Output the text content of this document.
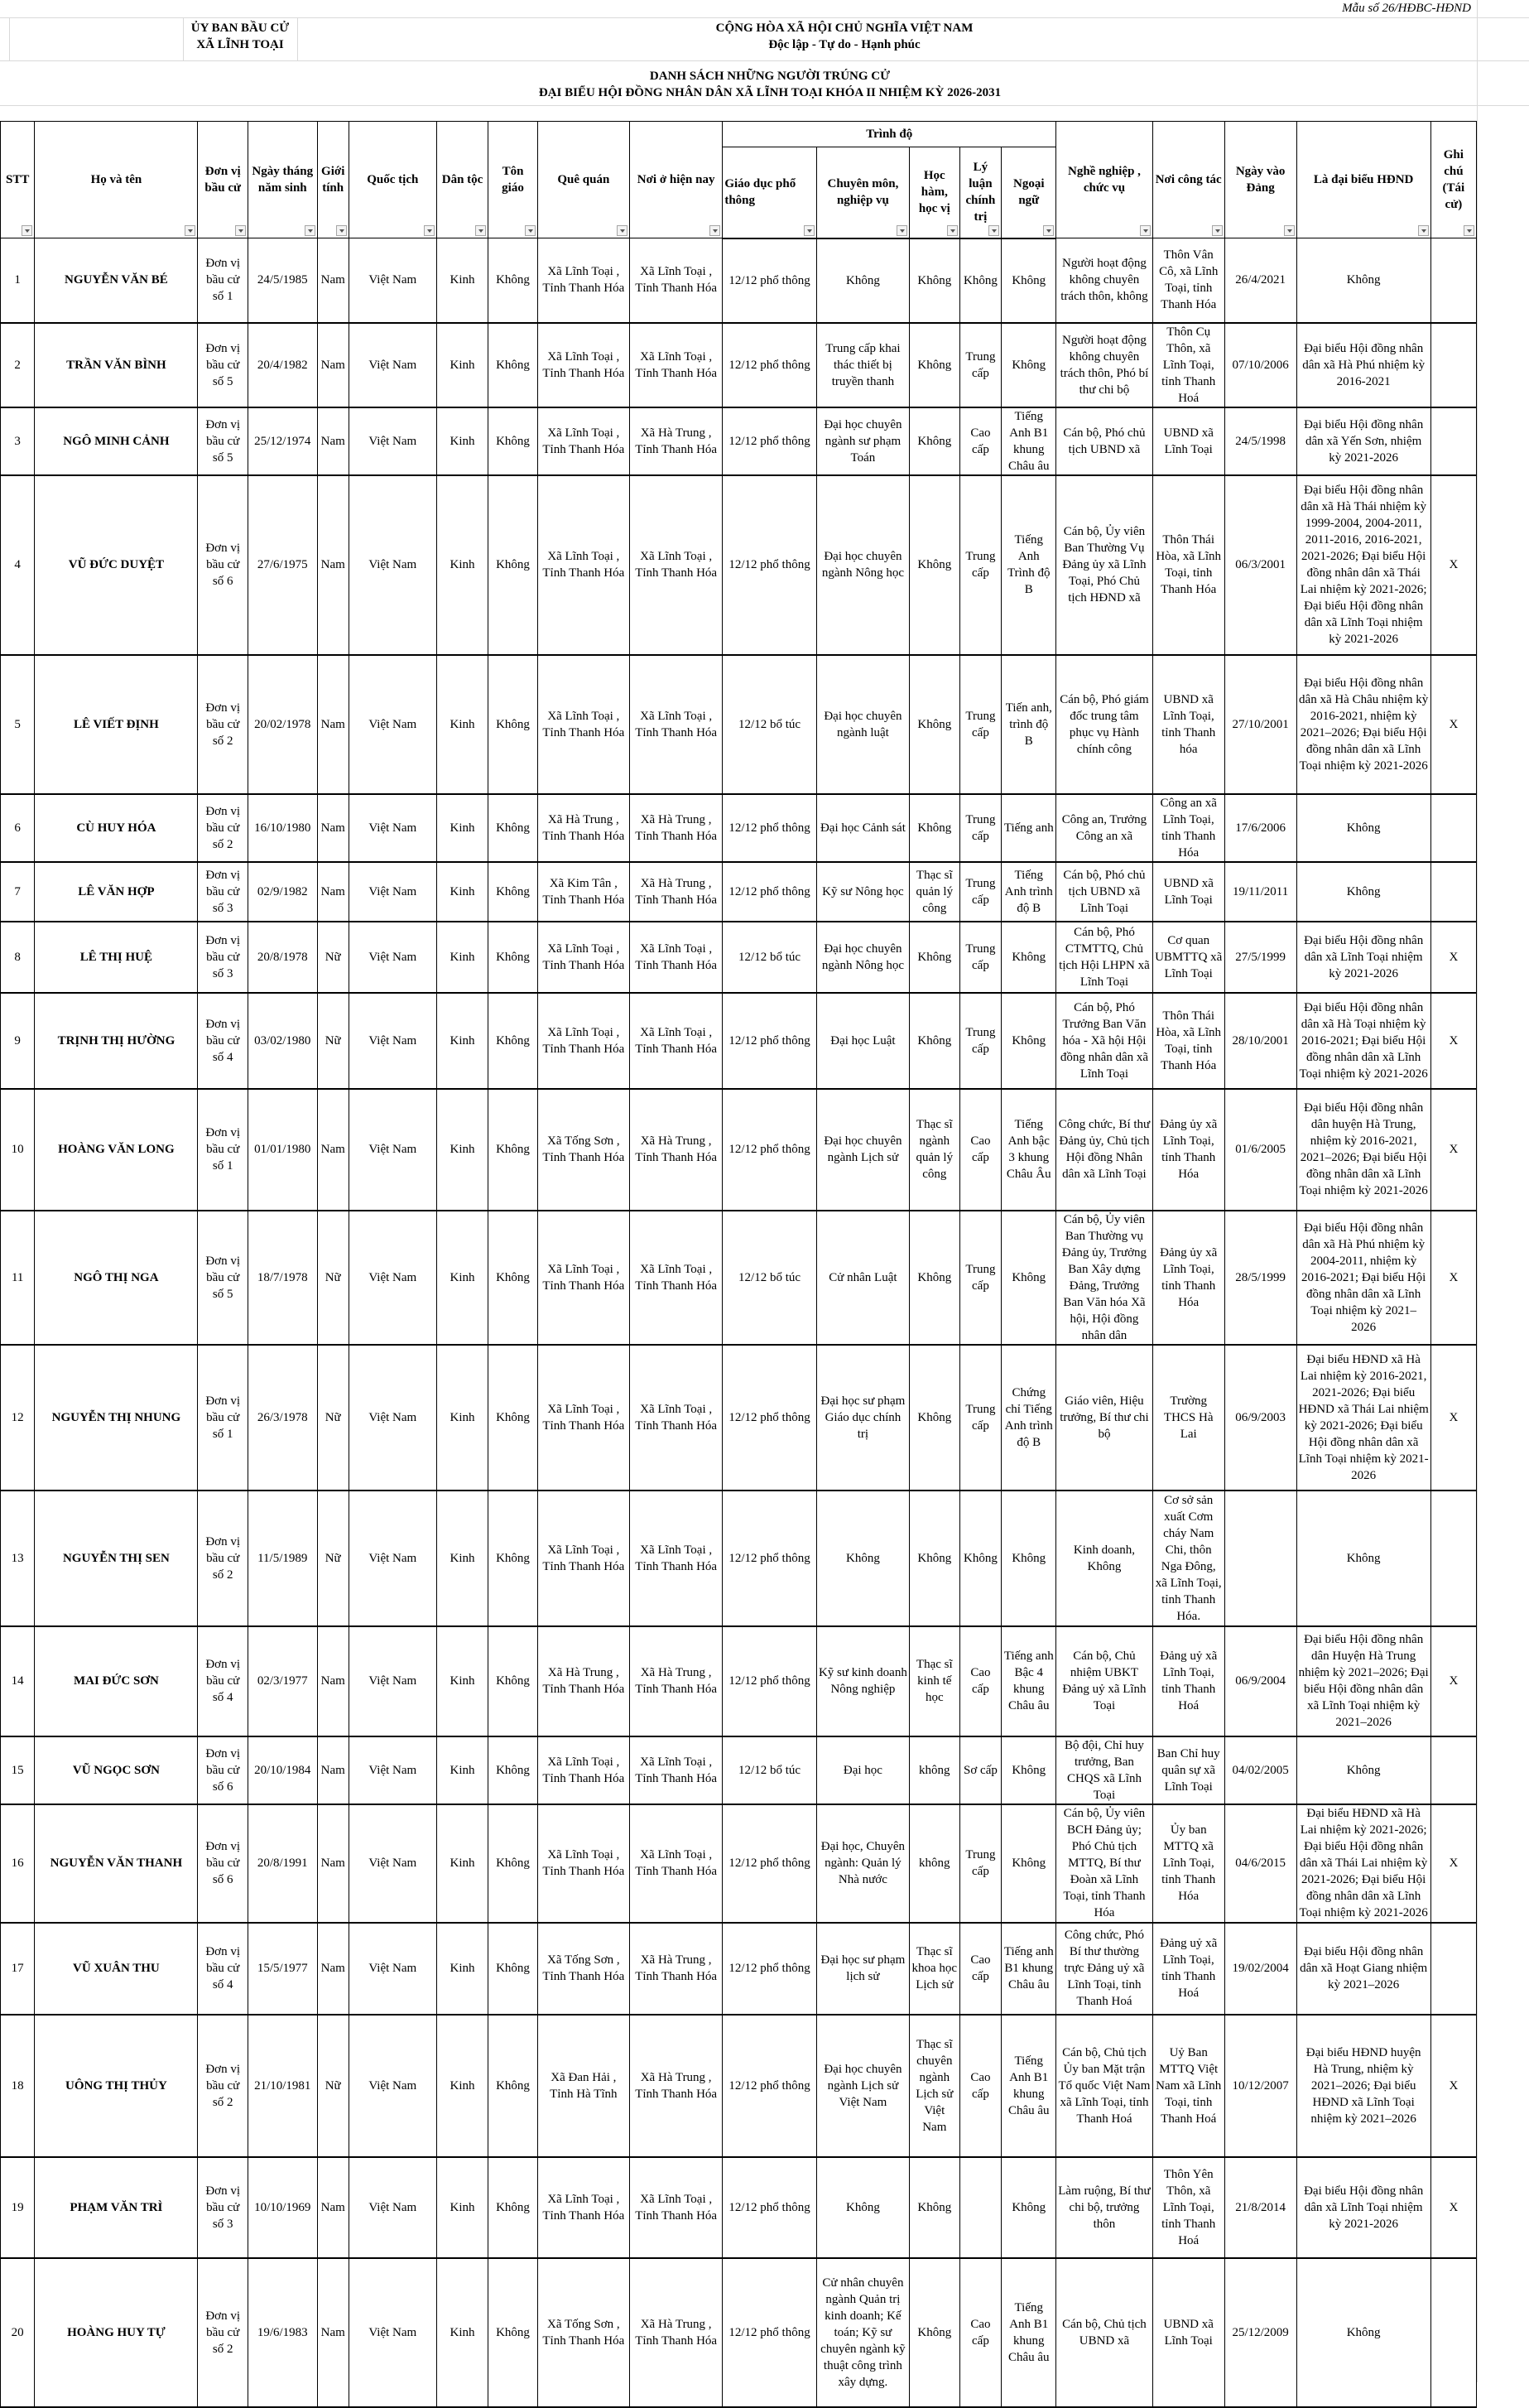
Mẫu số 26/HĐBC-HĐND
ỦY BAN BẦU CỬ
XÃ LĨNH TOẠI
CỘNG HÒA XÃ HỘI CHỦ NGHĨA VIỆT NAM
Độc lập - Tự do - Hạnh phúc
DANH SÁCH NHỮNG NGƯỜI TRÚNG CỬ
ĐẠI BIỂU HỘI ĐỒNG NHÂN DÂN XÃ LĨNH TOẠI KHÓA II NHIỆM KỲ 2026-2031
STT	Họ và tên	Đơn vị bầu cử	Ngày tháng năm sinh	Giới tính	Quốc tịch	Dân tộc	Tôn giáo	Quê quán	Nơi ở hiện nay	Trình độ					Nghề nghiệp , chức vụ	Nơi công tác	Ngày vào Đảng	Là đại biểu HĐND	Ghi chú (Tái cử)

										Giáo dục phổ thông	Chuyên môn, nghiệp vụ	Học hàm, học vị	Lý luận chính trị	Ngoại ngữ					

1	NGUYỄN VĂN BÉ	Đơn vị bầu cử số 1	24/5/1985	Nam	Việt Nam	Kinh	Không	Xã Lĩnh Toại , Tỉnh Thanh Hóa	Xã Lĩnh Toại , Tỉnh Thanh Hóa	12/12 phổ thông	Không	Không	Không	Không	Người hoạt động không chuyên trách thôn, không	Thôn Vân Cô, xã Lĩnh Toại, tỉnh Thanh Hóa	26/4/2021	Không	
2	TRẦN VĂN BÌNH	Đơn vị bầu cử số 5	20/4/1982	Nam	Việt Nam	Kinh	Không	Xã Lĩnh Toại , Tỉnh Thanh Hóa	Xã Lĩnh Toại , Tỉnh Thanh Hóa	12/12 phổ thông	Trung cấp khai thác thiết bị truyền thanh	Không	Trung cấp	Không	Người hoạt động không chuyên trách thôn, Phó bí thư chi bộ	Thôn Cụ Thôn, xã Lĩnh Toại, tỉnh Thanh Hoá	07/10/2006	Đại biểu Hội đồng nhân dân xã Hà Phú nhiệm kỳ 2016-2021	
3	NGÔ MINH CẢNH	Đơn vị bầu cử số 5	25/12/1974	Nam	Việt Nam	Kinh	Không	Xã Lĩnh Toại , Tỉnh Thanh Hóa	Xã Hà Trung , Tỉnh Thanh Hóa	12/12 phổ thông	Đại học chuyên ngành sư phạm Toán	Không	Cao cấp	Tiếng Anh B1 khung Châu âu	Cán bộ, Phó chủ tịch UBND xã	UBND xã Lĩnh Toại	24/5/1998	Đại biểu Hội đồng nhân dân xã Yến Sơn, nhiệm kỳ 2021-2026	
4	VŨ ĐỨC DUYỆT	Đơn vị bầu cử số 6	27/6/1975	Nam	Việt Nam	Kinh	Không	Xã Lĩnh Toại , Tỉnh Thanh Hóa	Xã Lĩnh Toại , Tỉnh Thanh Hóa	12/12 phổ thông	Đại học chuyên ngành Nông học	Không	Trung cấp	Tiếng Anh Trình độ B	Cán bộ, Ủy viên Ban Thường Vụ Đảng ủy xã Lĩnh Toại, Phó Chủ tịch HĐND xã	Thôn Thái Hòa, xã Lĩnh Toại, tỉnh Thanh Hóa	06/3/2001	Đại biểu Hội đồng nhân dân xã Hà Thái nhiệm kỳ 1999-2004, 2004-2011, 2011-2016, 2016-2021, 2021-2026; Đại biểu Hội đồng nhân dân xã Thái Lai nhiệm kỳ 2021-2026; Đại biểu Hội đồng nhân dân xã Lĩnh Toại nhiệm kỳ 2021-2026	X
5	LÊ VIẾT ĐỊNH	Đơn vị bầu cử số 2	20/02/1978	Nam	Việt Nam	Kinh	Không	Xã Lĩnh Toại , Tỉnh Thanh Hóa	Xã Lĩnh Toại , Tỉnh Thanh Hóa	12/12 bổ túc	Đại học chuyên ngành luật	Không	Trung cấp	Tiến anh, trình độ B	Cán bộ, Phó giám đốc trung tâm phục vụ Hành chính công	UBND xã Lĩnh Toại, tỉnh Thanh hóa	27/10/2001	Đại biểu Hội đồng nhân dân xã Hà Châu nhiệm kỳ 2016-2021, nhiệm kỳ 2021–2026; Đại biểu Hội đồng nhân dân xã Lĩnh Toại nhiệm kỳ 2021-2026	X
6	CÙ HUY HÓA	Đơn vị bầu cử số 2	16/10/1980	Nam	Việt Nam	Kinh	Không	Xã Hà Trung , Tỉnh Thanh Hóa	Xã Hà Trung , Tỉnh Thanh Hóa	12/12 phổ thông	Đại học Cảnh sát	Không	Trung cấp	Tiếng anh	Công an, Trưởng Công an xã	Công an xã Lĩnh Toại, tỉnh Thanh Hóa	17/6/2006	Không	
7	LÊ VĂN HỢP	Đơn vị bầu cử số 3	02/9/1982	Nam	Việt Nam	Kinh	Không	Xã Kim Tân , Tỉnh Thanh Hóa	Xã Hà Trung , Tỉnh Thanh Hóa	12/12 phổ thông	Kỹ sư Nông học	Thạc sĩ quản lý công	Trung cấp	Tiếng Anh trình độ B	Cán bộ, Phó chủ tịch UBND xã Lĩnh Toại	UBND xã Lĩnh Toại	19/11/2011	Không	
8	LÊ THỊ HUỆ	Đơn vị bầu cử số 3	20/8/1978	Nữ	Việt Nam	Kinh	Không	Xã Lĩnh Toại , Tỉnh Thanh Hóa	Xã Lĩnh Toại , Tỉnh Thanh Hóa	12/12 bổ túc	Đại học chuyên ngành Nông học	Không	Trung cấp	Không	Cán bộ, Phó CTMTTQ, Chủ tịch Hội LHPN xã Lĩnh Toại	Cơ quan UBMTTQ xã Lĩnh Toại	27/5/1999	Đại biểu Hội đồng nhân dân xã Lĩnh Toại nhiệm kỳ 2021-2026	X
9	TRỊNH THỊ HƯỜNG	Đơn vị bầu cử số 4	03/02/1980	Nữ	Việt Nam	Kinh	Không	Xã Lĩnh Toại , Tỉnh Thanh Hóa	Xã Lĩnh Toại , Tỉnh Thanh Hóa	12/12 phổ thông	Đại học Luật	Không	Trung cấp	Không	Cán bộ, Phó Trưởng Ban Văn hóa - Xã hội Hội đồng nhân dân xã Lĩnh Toại	Thôn Thái Hòa, xã Lĩnh Toại, tỉnh Thanh Hóa	28/10/2001	Đại biểu Hội đồng nhân dân xã Hà Toại nhiệm kỳ 2016-2021; Đại biểu Hội đồng nhân dân xã Lĩnh Toại nhiệm kỳ 2021-2026	X
10	HOÀNG VĂN LONG	Đơn vị bầu cử số 1	01/01/1980	Nam	Việt Nam	Kinh	Không	Xã Tống Sơn , Tỉnh Thanh Hóa	Xã Hà Trung , Tỉnh Thanh Hóa	12/12 phổ thông	Đại học chuyên ngành Lịch sử	Thạc sĩ ngành quản lý công	Cao cấp	Tiếng Anh bậc 3 khung Châu Âu	Công chức, Bí thư Đảng ủy, Chủ tịch Hội đồng Nhân dân xã Lĩnh Toại	Đảng ủy xã Lĩnh Toại, tỉnh Thanh Hóa	01/6/2005	Đại biểu Hội đồng nhân dân huyện Hà Trung, nhiệm kỳ 2016-2021, 2021–2026; Đại biểu Hội đồng nhân dân xã Lĩnh Toại nhiệm kỳ 2021-2026	X
11	NGÔ THỊ NGA	Đơn vị bầu cử số 5	18/7/1978	Nữ	Việt Nam	Kinh	Không	Xã Lĩnh Toại , Tỉnh Thanh Hóa	Xã Lĩnh Toại , Tỉnh Thanh Hóa	12/12 bổ túc	Cử nhân Luật	Không	Trung cấp	Không	Cán bộ, Ủy viên Ban Thường vụ Đảng ủy, Trưởng Ban Xây dựng Đảng, Trưởng Ban Văn hóa Xã hội, Hội đồng nhân dân	Đảng ủy xã Lĩnh Toại, tỉnh Thanh Hóa	28/5/1999	Đại biểu Hội đồng nhân dân xã Hà Phú nhiệm kỳ 2004-2011, nhiệm kỳ 2016-2021; Đại biểu Hội đồng nhân dân xã Lĩnh Toại nhiệm kỳ 2021–2026	X
12	NGUYỄN THỊ NHUNG	Đơn vị bầu cử số 1	26/3/1978	Nữ	Việt Nam	Kinh	Không	Xã Lĩnh Toại , Tỉnh Thanh Hóa	Xã Lĩnh Toại , Tỉnh Thanh Hóa	12/12 phổ thông	Đại học sư phạm Giáo dục chính trị	Không	Trung cấp	Chứng chỉ Tiếng Anh trình độ B	Giáo viên, Hiệu trưởng, Bí thư chi bộ	Trường THCS Hà Lai	06/9/2003	Đại biểu HĐND xã Hà Lai nhiệm kỳ 2016-2021, 2021-2026; Đại biểu HĐND xã Thái Lai nhiệm kỳ 2021-2026; Đại biểu Hội đồng nhân dân xã Lĩnh Toại nhiệm kỳ 2021-2026	X
13	NGUYỄN THỊ SEN	Đơn vị bầu cử số 2	11/5/1989	Nữ	Việt Nam	Kinh	Không	Xã Lĩnh Toại , Tỉnh Thanh Hóa	Xã Lĩnh Toại , Tỉnh Thanh Hóa	12/12 phổ thông	Không	Không	Không	Không	Kinh doanh, Không	Cơ sở sản xuất Cơm cháy Nam Chi, thôn Nga Đông, xã Lĩnh Toại, tỉnh Thanh Hóa.		Không	
14	MAI ĐỨC SƠN	Đơn vị bầu cử số 4	02/3/1977	Nam	Việt Nam	Kinh	Không	Xã Hà Trung , Tỉnh Thanh Hóa	Xã Hà Trung , Tỉnh Thanh Hóa	12/12 phổ thông	Kỹ sư kinh doanh Nông nghiệp	Thạc sĩ kinh tế học	Cao cấp	Tiếng anh Bậc 4 khung Châu âu	Cán bộ, Chủ nhiệm UBKT Đảng uỷ xã Lĩnh Toại	Đảng uỷ xã Lĩnh Toại, tỉnh Thanh Hoá	06/9/2004	Đại biểu Hội đồng nhân dân Huyện Hà Trung nhiệm kỳ 2021–2026; Đại biểu Hội đồng nhân dân xã Lĩnh Toại nhiệm kỳ 2021–2026	X
15	VŨ NGỌC SƠN	Đơn vị bầu cử số 6	20/10/1984	Nam	Việt Nam	Kinh	Không	Xã Lĩnh Toại , Tỉnh Thanh Hóa	Xã Lĩnh Toại , Tỉnh Thanh Hóa	12/12 bổ túc	Đại học	không	Sơ cấp	Không	Bộ đội, Chỉ huy trưởng, Ban CHQS xã Lĩnh Toại	Ban Chỉ huy quân sự xã Lĩnh Toại	04/02/2005	Không	
16	NGUYỄN VĂN THANH	Đơn vị bầu cử số 6	20/8/1991	Nam	Việt Nam	Kinh	Không	Xã Lĩnh Toại , Tỉnh Thanh Hóa	Xã Lĩnh Toại , Tỉnh Thanh Hóa	12/12 phổ thông	Đại học, Chuyên ngành: Quản lý Nhà nước	không	Trung cấp	Không	Cán bộ, Ủy viên BCH Đảng ủy; Phó Chủ tịch MTTQ, Bí thư Đoàn xã Lĩnh Toại, tỉnh Thanh Hóa	Ủy ban MTTQ xã Lĩnh Toại, tỉnh Thanh Hóa	04/6/2015	Đại biểu HĐND xã Hà Lai nhiệm kỳ 2021-2026; Đại biểu Hội đồng nhân dân xã Thái Lai nhiệm kỳ 2021-2026; Đại biểu Hội đồng nhân dân xã Lĩnh Toại nhiệm kỳ 2021-2026	X
17	VŨ XUÂN THU	Đơn vị bầu cử số 4	15/5/1977	Nam	Việt Nam	Kinh	Không	Xã Tống Sơn , Tỉnh Thanh Hóa	Xã Hà Trung , Tỉnh Thanh Hóa	12/12 phổ thông	Đại học sư phạm lịch sử	Thạc sĩ khoa học Lịch sử	Cao cấp	Tiếng anh B1 khung Châu âu	Công chức, Phó Bí thư thường trực Đảng uỷ xã Lĩnh Toại, tỉnh Thanh Hoá	Đảng uỷ xã Lĩnh Toại, tỉnh Thanh Hoá	19/02/2004	Đại biểu Hội đồng nhân dân xã Hoạt Giang nhiệm kỳ 2021–2026	
18	UÔNG THỊ THỦY	Đơn vị bầu cử số 2	21/10/1981	Nữ	Việt Nam	Kinh	Không	Xã Đan Hải , Tỉnh Hà Tĩnh	Xã Hà Trung , Tỉnh Thanh Hóa	12/12 phổ thông	Đại học chuyên ngành Lịch sử Việt Nam	Thạc sĩ chuyên ngành Lịch sử Việt Nam	Cao cấp	Tiếng Anh B1 khung Châu âu	Cán bộ, Chủ tịch Ủy ban Mặt trận Tổ quốc Việt Nam xã Lĩnh Toại, tỉnh Thanh Hoá	Uỷ Ban MTTQ Việt Nam xã Lĩnh Toại, tỉnh Thanh Hoá	10/12/2007	Đại biểu HĐND huyện Hà Trung, nhiệm kỳ 2021–2026; Đại biểu HĐND xã Lĩnh Toại nhiệm kỳ 2021–2026	X
19	PHẠM VĂN TRÌ	Đơn vị bầu cử số 3	10/10/1969	Nam	Việt Nam	Kinh	Không	Xã Lĩnh Toại , Tỉnh Thanh Hóa	Xã Lĩnh Toại , Tỉnh Thanh Hóa	12/12 phổ thông	Không	Không		Không	Làm ruộng, Bí thư chi bộ, trưởng thôn	Thôn Yên Thôn, xã Lĩnh Toại, tỉnh Thanh Hoá	21/8/2014	Đại biểu Hội đồng nhân dân xã Lĩnh Toại nhiệm kỳ 2021-2026	X
20	HOÀNG HUY TỰ	Đơn vị bầu cử số 2	19/6/1983	Nam	Việt Nam	Kinh	Không	Xã Tống Sơn , Tỉnh Thanh Hóa	Xã Hà Trung , Tỉnh Thanh Hóa	12/12 phổ thông	Cử nhân chuyên ngành Quản trị kinh doanh; Kế toán; Kỹ sư chuyên ngành kỹ thuật công trình xây dựng.	Không	Cao cấp	Tiếng Anh B1 khung Châu âu	Cán bộ, Chủ tịch UBND xã	UBND xã Lĩnh Toại	25/12/2009	Không	
